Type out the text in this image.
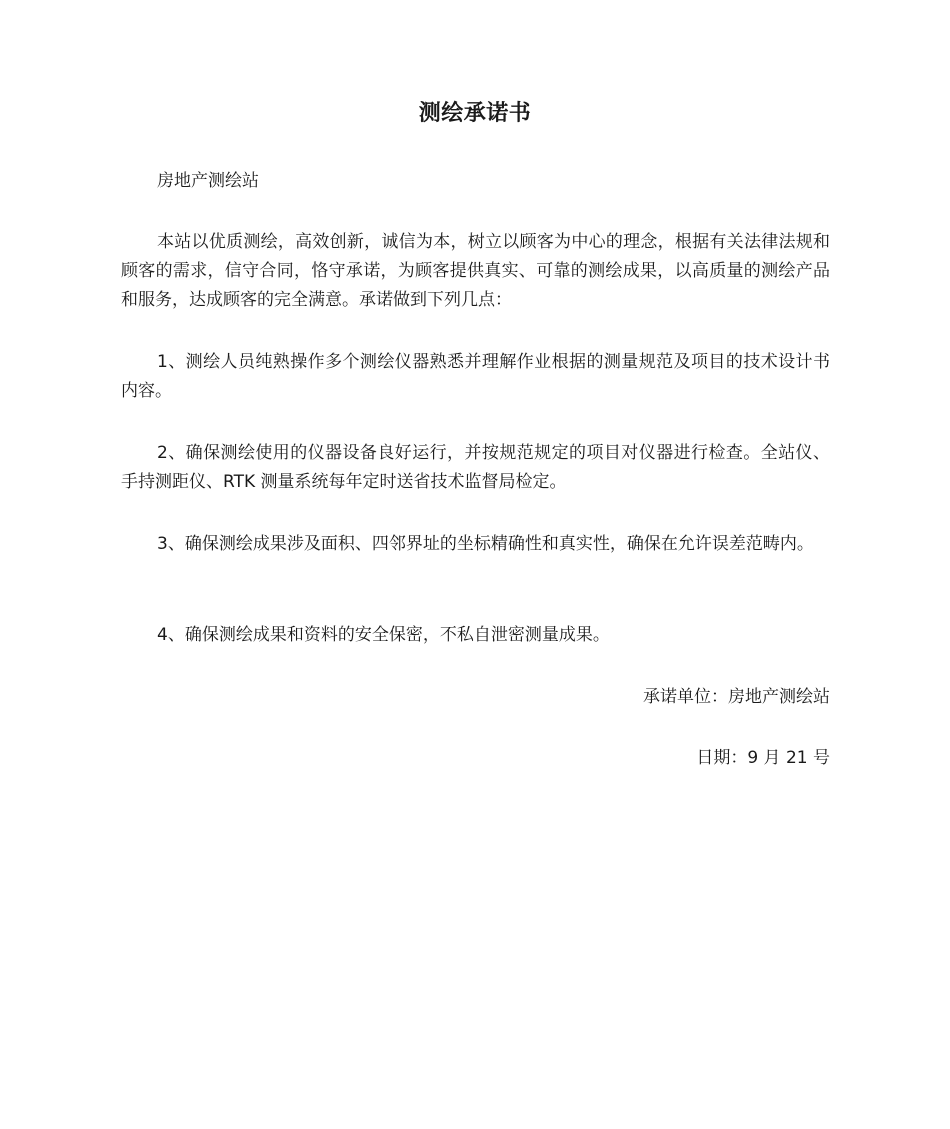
测绘承诺书

房地产测绘站

本站以优质测绘，高效创新，诚信为本，树立以顾客为中心的理念，根据有关法律法规和顾客的需求，信守合同，恪守承诺，为顾客提供真实、可靠的测绘成果，以高质量的测绘产品和服务，达成顾客的完全满意。承诺做到下列几点：

1、测绘人员纯熟操作多个测绘仪器熟悉并理解作业根据的测量规范及项目的技术设计书内容。

2、确保测绘使用的仪器设备良好运行，并按规范规定的项目对仪器进行检查。全站仪、手持测距仪、RTK 测量系统每年定时送省技术监督局检定。

3、确保测绘成果涉及面积、四邻界址的坐标精确性和真实性，确保在允许误差范畴内。

4、确保测绘成果和资料的安全保密，不私自泄密测量成果。

承诺单位：房地产测绘站

日期：9 月 21 号
